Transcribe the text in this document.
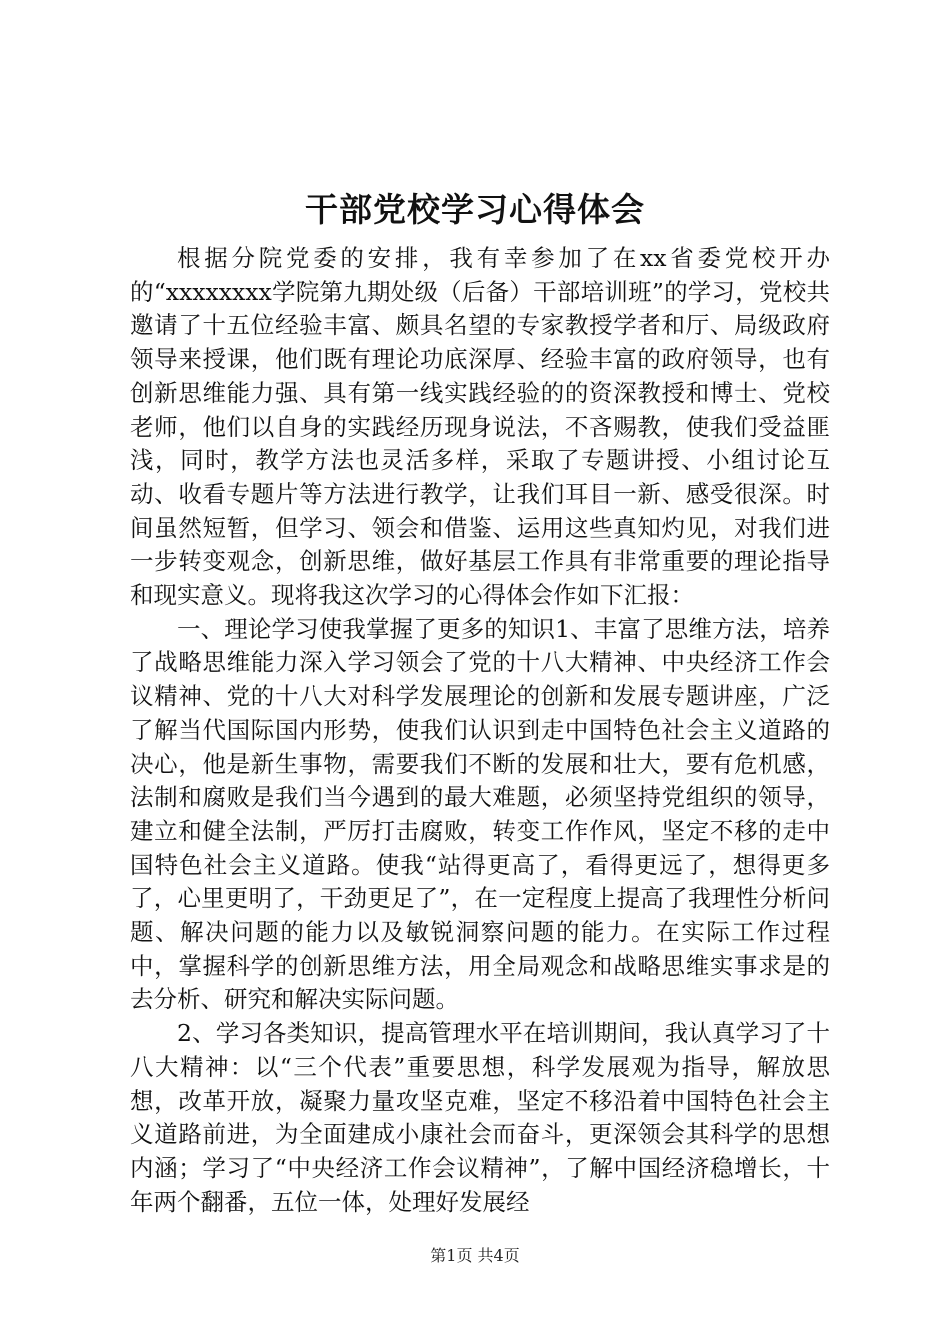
干部党校学习心得体会

根据分院党委的安排，我有幸参加了在xx省委党校开办的“xxxxxxxx学院第九期处级（后备）干部培训班”的学习，党校共邀请了十五位经验丰富、颇具名望的专家教授学者和厅、局级政府领导来授课，他们既有理论功底深厚、经验丰富的政府领导，也有创新思维能力强、具有第一线实践经验的的资深教授和博士、党校老师，他们以自身的实践经历现身说法，不吝赐教，使我们受益匪浅，同时，教学方法也灵活多样，采取了专题讲授、小组讨论互动、收看专题片等方法进行教学，让我们耳目一新、感受很深。时间虽然短暂，但学习、领会和借鉴、运用这些真知灼见，对我们进一步转变观念，创新思维，做好基层工作具有非常重要的理论指导和现实意义。现将我这次学习的心得体会作如下汇报：

一、理论学习使我掌握了更多的知识1、丰富了思维方法，培养了战略思维能力深入学习领会了党的十八大精神、中央经济工作会议精神、党的十八大对科学发展理论的创新和发展专题讲座，广泛了解当代国际国内形势，使我们认识到走中国特色社会主义道路的决心，他是新生事物，需要我们不断的发展和壮大，要有危机感，法制和腐败是我们当今遇到的最大难题，必须坚持党组织的领导，建立和健全法制，严厉打击腐败，转变工作作风，坚定不移的走中国特色社会主义道路。使我“站得更高了，看得更远了，想得更多了，心里更明了，干劲更足了”，在一定程度上提高了我理性分析问题、解决问题的能力以及敏锐洞察问题的能力。在实际工作过程中，掌握科学的创新思维方法，用全局观念和战略思维实事求是的去分析、研究和解决实际问题。

2、学习各类知识，提高管理水平在培训期间，我认真学习了十八大精神：以“三个代表”重要思想，科学发展观为指导，解放思想，改革开放，凝聚力量攻坚克难，坚定不移沿着中国特色社会主义道路前进，为全面建成小康社会而奋斗，更深领会其科学的思想内涵；学习了“中央经济工作会议精神”，了解中国经济稳增长，十年两个翻番，五位一体，处理好发展经

第1页 共4页
